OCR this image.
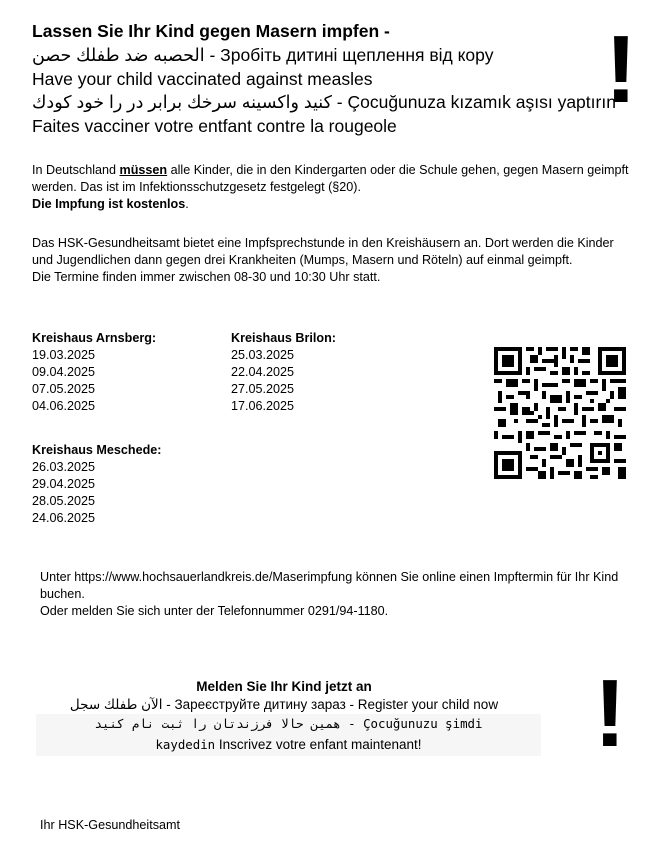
Lassen Sie Ihr Kind gegen Masern impfen -
الحصبه ضد طفلك حصن - Зробіть дитині щеплення від кору
Have your child vaccinated against measles
كنيد واكسينه سرخك برابر در را خود كودك - Çocuğunuza kızamık aşısı yaptırın
Faites vacciner votre entfant contre la rougeole
!
In Deutschland müssen alle Kinder, die in den Kindergarten oder die Schule gehen, gegen Masern geimpft werden. Das ist im Infektionsschutzgesetz festgelegt (§20).
Die Impfung ist kostenlos.
Das HSK-Gesundheitsamt bietet eine Impfsprechstunde in den Kreishäusern an. Dort werden die Kinder und Jugendlichen dann gegen drei Krankheiten (Mumps, Masern und Röteln) auf einmal geimpft.
Die Termine finden immer zwischen 08-30 und 10:30 Uhr statt.
Kreishaus Arnsberg:
19.03.2025
09.04.2025
07.05.2025
04.06.2025
Kreishaus Brilon:
25.03.2025
22.04.2025
27.05.2025
17.06.2025
Kreishaus Meschede:
26.03.2025
29.04.2025
28.05.2025
24.06.2025
Unter https://www.hochsauerlandkreis.de/Maserimpfung können Sie online einen Impftermin für Ihr Kind buchen.
Oder melden Sie sich unter der Telefonnummer 0291/94-1180.
Melden Sie Ihr Kind jetzt an
الآن طفلك سجل - Зареєструйте дитину зараз - Register your child now
همين حالا فرزندتان را ثبت نام كنيد - Çocuğunuzu şimdi
kaydedin Inscrivez votre enfant maintenant!	!
Ihr HSK-Gesundheitsamt
